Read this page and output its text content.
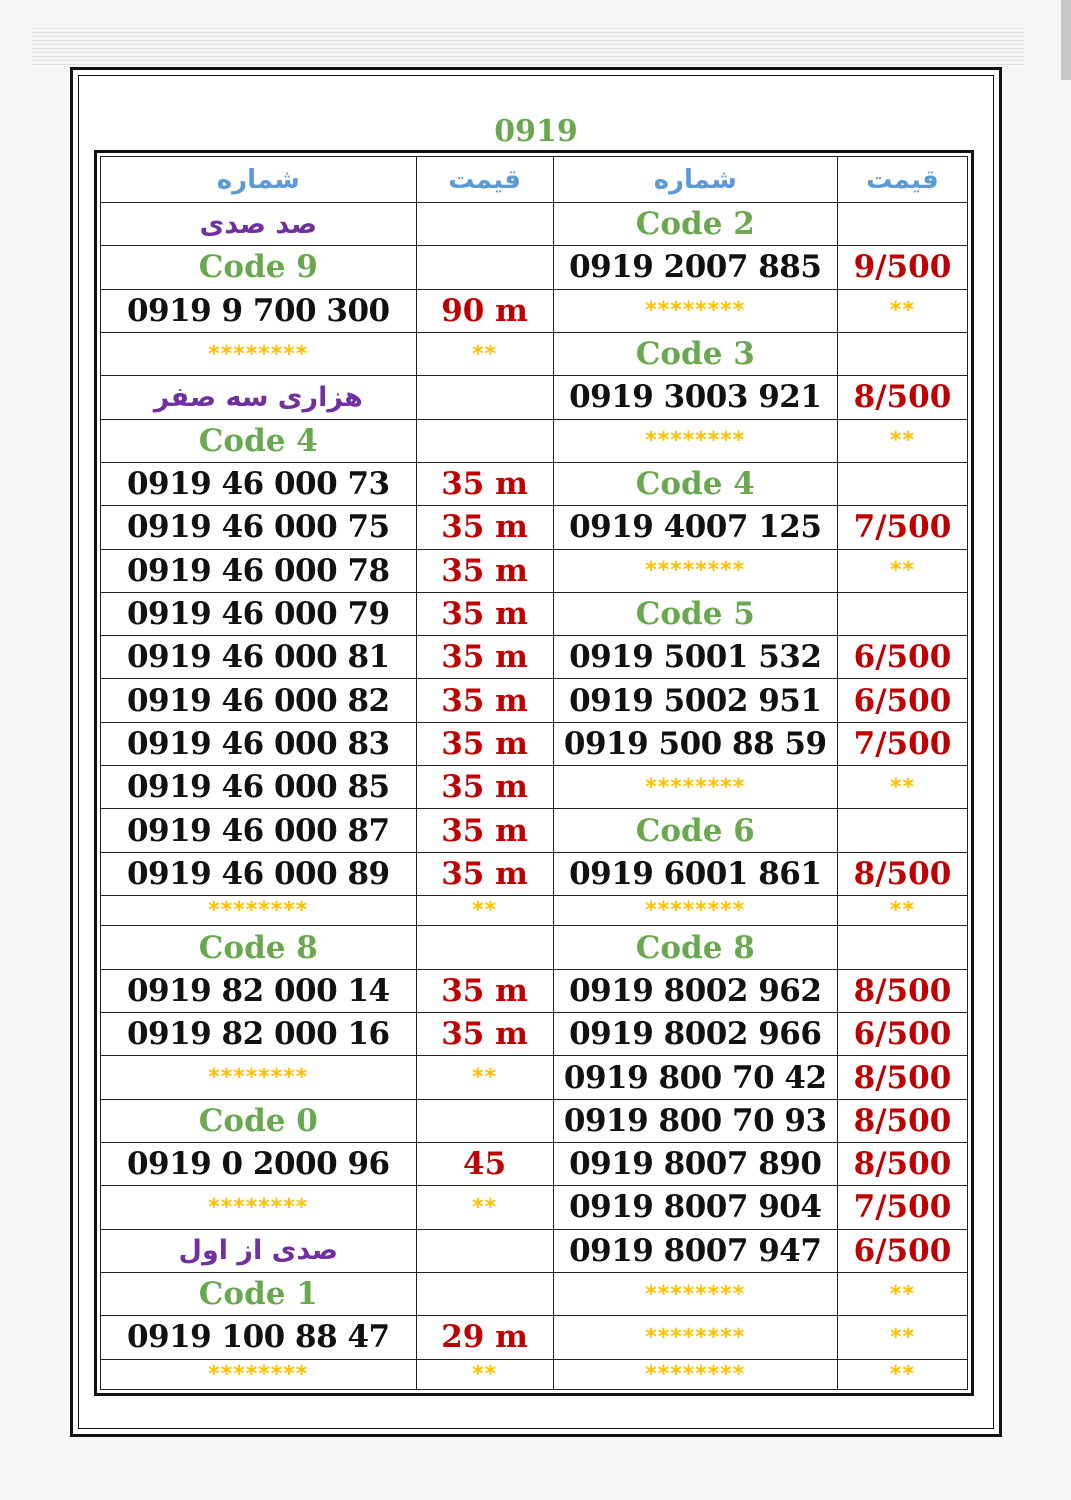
0919
شماره	قیمت	شماره	قیمت
صد صدی		Code 2	
Code 9		0919 2007 885	9/500
0919 9 700 300	90 m	********	**
********	**	Code 3	
هزاری سه صفر		0919 3003 921	8/500
Code 4		********	**
0919 46 000 73	35 m	Code 4	
0919 46 000 75	35 m	0919 4007 125	7/500
0919 46 000 78	35 m	********	**
0919 46 000 79	35 m	Code 5	
0919 46 000 81	35 m	0919 5001 532	6/500
0919 46 000 82	35 m	0919 5002 951	6/500
0919 46 000 83	35 m	0919 500 88 59	7/500
0919 46 000 85	35 m	********	**
0919 46 000 87	35 m	Code 6	
0919 46 000 89	35 m	0919 6001 861	8/500
********	**	********	**
Code 8		Code 8	
0919 82 000 14	35 m	0919 8002 962	8/500
0919 82 000 16	35 m	0919 8002 966	6/500
********	**	0919 800 70 42	8/500
Code 0		0919 800 70 93	8/500
0919 0 2000 96	45	0919 8007 890	8/500
********	**	0919 8007 904	7/500
صدی از اول		0919 8007 947	6/500
Code 1		********	**
0919 100 88 47	29 m	********	**
********	**	********	**
